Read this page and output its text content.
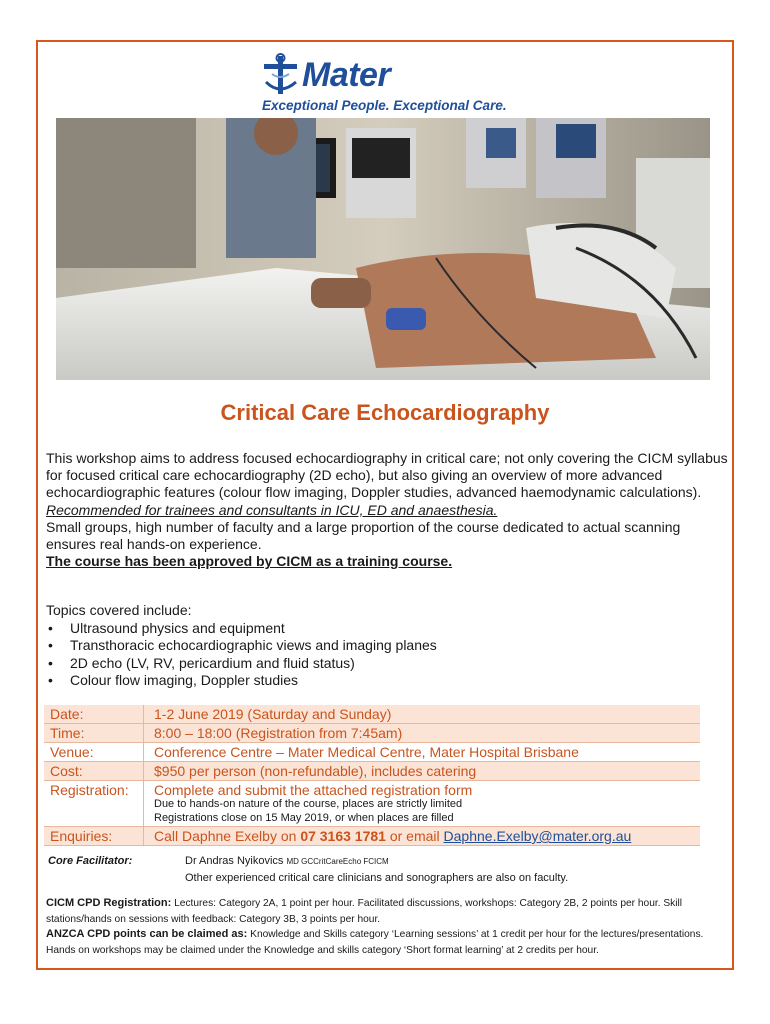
Mater
Exceptional People. Exceptional Care.
Critical Care Echocardiography

This workshop aims to address focused echocardiography in critical care; not only covering the CICM syllabus for focused critical care echocardiography (2D echo), but also giving an overview of more advanced echocardiographic features (colour flow imaging, Doppler studies, advanced haemodynamic calculations). Recommended for trainees and consultants in ICU, ED and anaesthesia.

Small groups, high number of faculty and a large proportion of the course dedicated to actual scanning ensures real hands-on experience.

The course has been approved by CICM as a training course.

Topics covered include:
• Ultrasound physics and equipment
• Transthoracic echocardiographic views and imaging planes
• 2D echo (LV, RV, pericardium and fluid status)
• Colour flow imaging, Doppler studies
Date:	1-2 June 2019 (Saturday and Sunday)
Time:	8:00 – 18:00 (Registration from 7:45am)
Venue:	Conference Centre – Mater Medical Centre, Mater Hospital Brisbane
Cost:	$950 per person (non-refundable), includes catering
Registration:	Complete and submit the attached registration form
Due to hands-on nature of the course, places are strictly limited
Registrations close on 15 May 2019, or when places are filled
Enquiries:	Call Daphne Exelby on 07 3163 1781 or email Daphne.Exelby@mater.org.au
Core Facilitator:	Dr Andras Nyikovics MD GCCritCareEcho FCICM
Other experienced critical care clinicians and sonographers are also on faculty.

CICM CPD Registration: Lectures: Category 2A, 1 point per hour. Facilitated discussions, workshops: Category 2B, 2 points per hour. Skill stations/hands on sessions with feedback: Category 3B, 3 points per hour.

ANZCA CPD points can be claimed as: Knowledge and Skills category ‘Learning sessions’ at 1 credit per hour for the lectures/presentations. Hands on workshops may be claimed under the Knowledge and skills category ‘Short format learning’ at 2 credits per hour.
